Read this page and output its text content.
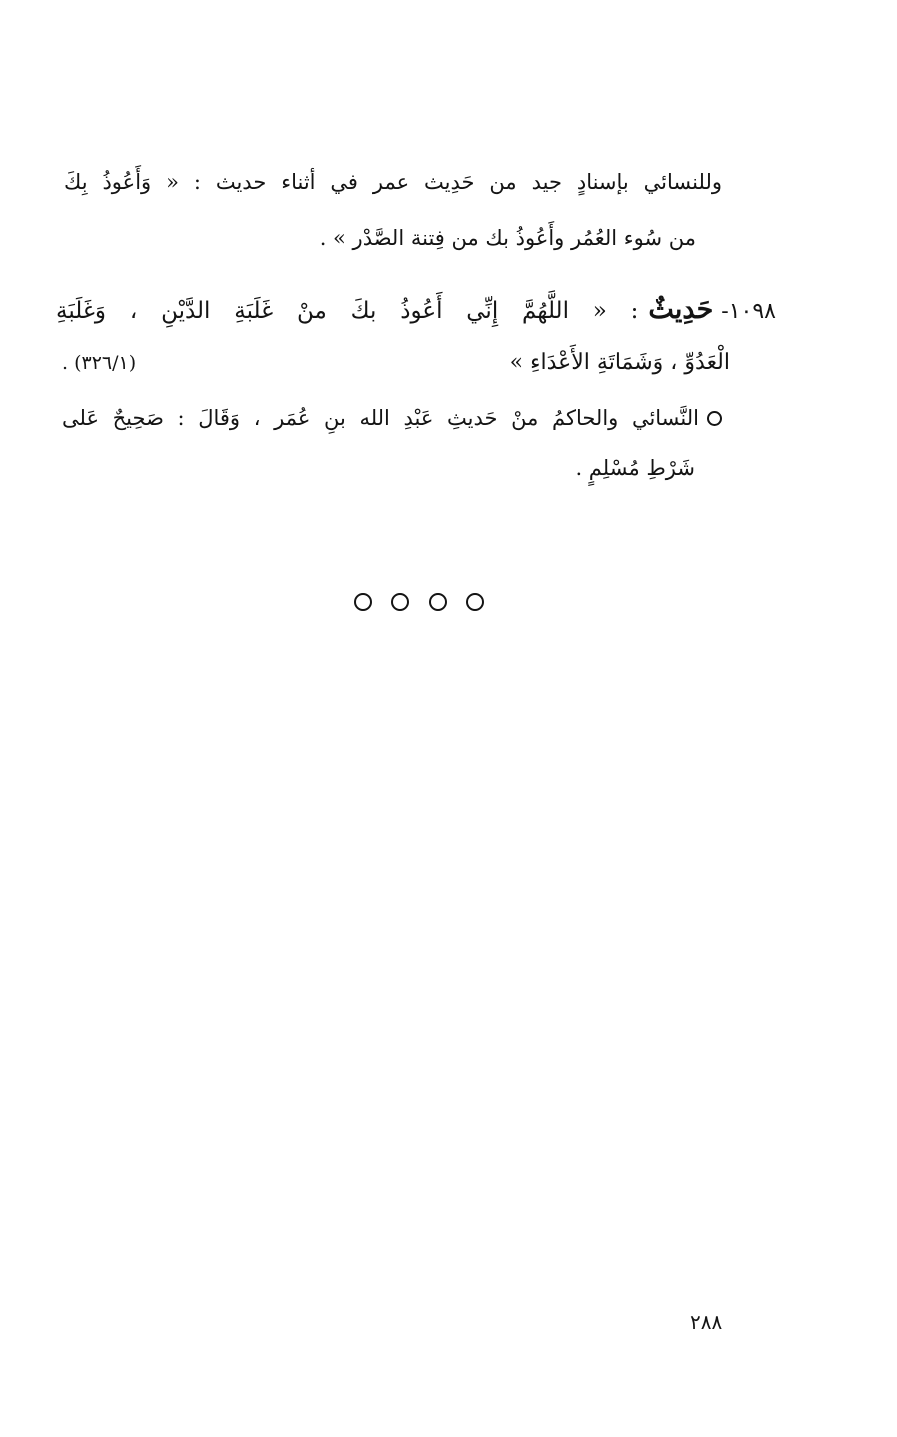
وللنسائي بإسنادٍ جيد من حَدِيث عمر في أثناء حديث : « وَأَعُوذُ بِكَ
من سُوء العُمُر وأَعُوذُ بك من فِتنة الصَّدْر » .
١٠٩٨-
حَدِيثٌ
: « اللَّهُمَّ إِنِّي أَعُوذُ بكَ منْ غَلَبَةِ الدَّيْنِ ، وَغَلَبَةِ
الْعَدُوِّ ، وَشَمَاتَةِ الأَعْدَاءِ »
(٣٢٦/١) .
النَّسائي والحاكمُ منْ حَديثِ عَبْدِ الله بنِ عُمَر ، وَقَالَ : صَحِيحٌ عَلى
شَرْطِ مُسْلِمٍ .
٢٨٨
